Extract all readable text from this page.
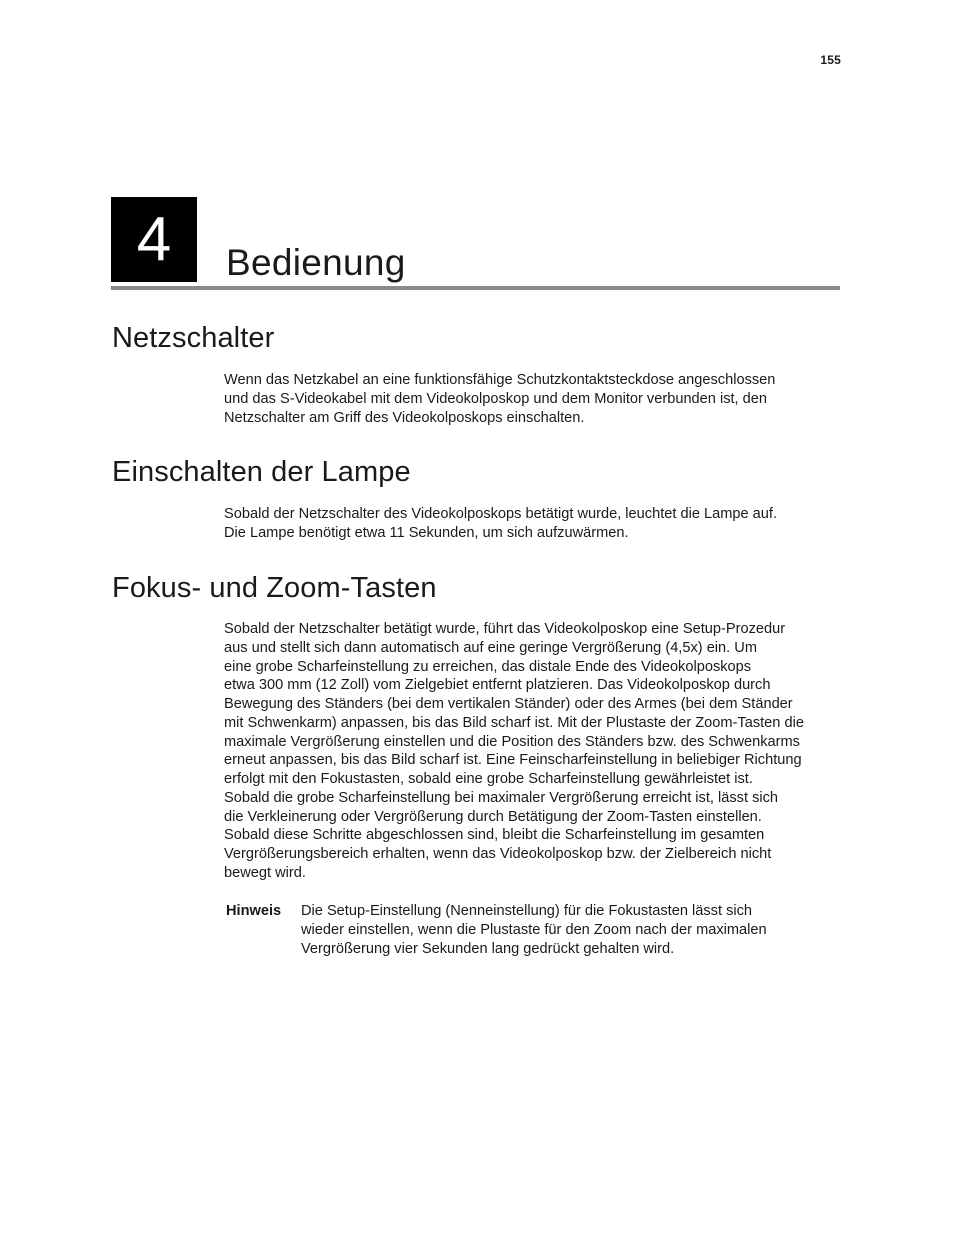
155
4	Bedienung
Netzschalter

Wenn das Netzkabel an eine funktionsfähige Schutzkontaktsteckdose angeschlossen
und das S-Videokabel mit dem Videokolposkop und dem Monitor verbunden ist, den
Netzschalter am Griff des Videokolposkops einschalten.

Einschalten der Lampe

Sobald der Netzschalter des Videokolposkops betätigt wurde, leuchtet die Lampe auf.
Die Lampe benötigt etwa 11 Sekunden, um sich aufzuwärmen.

Fokus- und Zoom-Tasten

Sobald der Netzschalter betätigt wurde, führt das Videokolposkop eine Setup-Prozedur
aus und stellt sich dann automatisch auf eine geringe Vergrößerung (4,5x) ein. Um
eine grobe Scharfeinstellung zu erreichen, das distale Ende des Videokolposkops
etwa 300 mm (12 Zoll) vom Zielgebiet entfernt platzieren. Das Videokolposkop durch
Bewegung des Ständers (bei dem vertikalen Ständer) oder des Armes (bei dem Ständer
mit Schwenkarm) anpassen, bis das Bild scharf ist. Mit der Plustaste der Zoom-Tasten die
maximale Vergrößerung einstellen und die Position des Ständers bzw. des Schwenkarms
erneut anpassen, bis das Bild scharf ist. Eine Feinscharfeinstellung in beliebiger Richtung
erfolgt mit den Fokustasten, sobald eine grobe Scharfeinstellung gewährleistet ist.
Sobald die grobe Scharfeinstellung bei maximaler Vergrößerung erreicht ist, lässt sich
die Verkleinerung oder Vergrößerung durch Betätigung der Zoom-Tasten einstellen.
Sobald diese Schritte abgeschlossen sind, bleibt die Scharfeinstellung im gesamten
Vergrößerungsbereich erhalten, wenn das Videokolposkop bzw. der Zielbereich nicht
bewegt wird.

Hinweis Die Setup-Einstellung (Nenneinstellung) für die Fokustasten lässt sich
wieder einstellen, wenn die Plustaste für den Zoom nach der maximalen
Vergrößerung vier Sekunden lang gedrückt gehalten wird.
